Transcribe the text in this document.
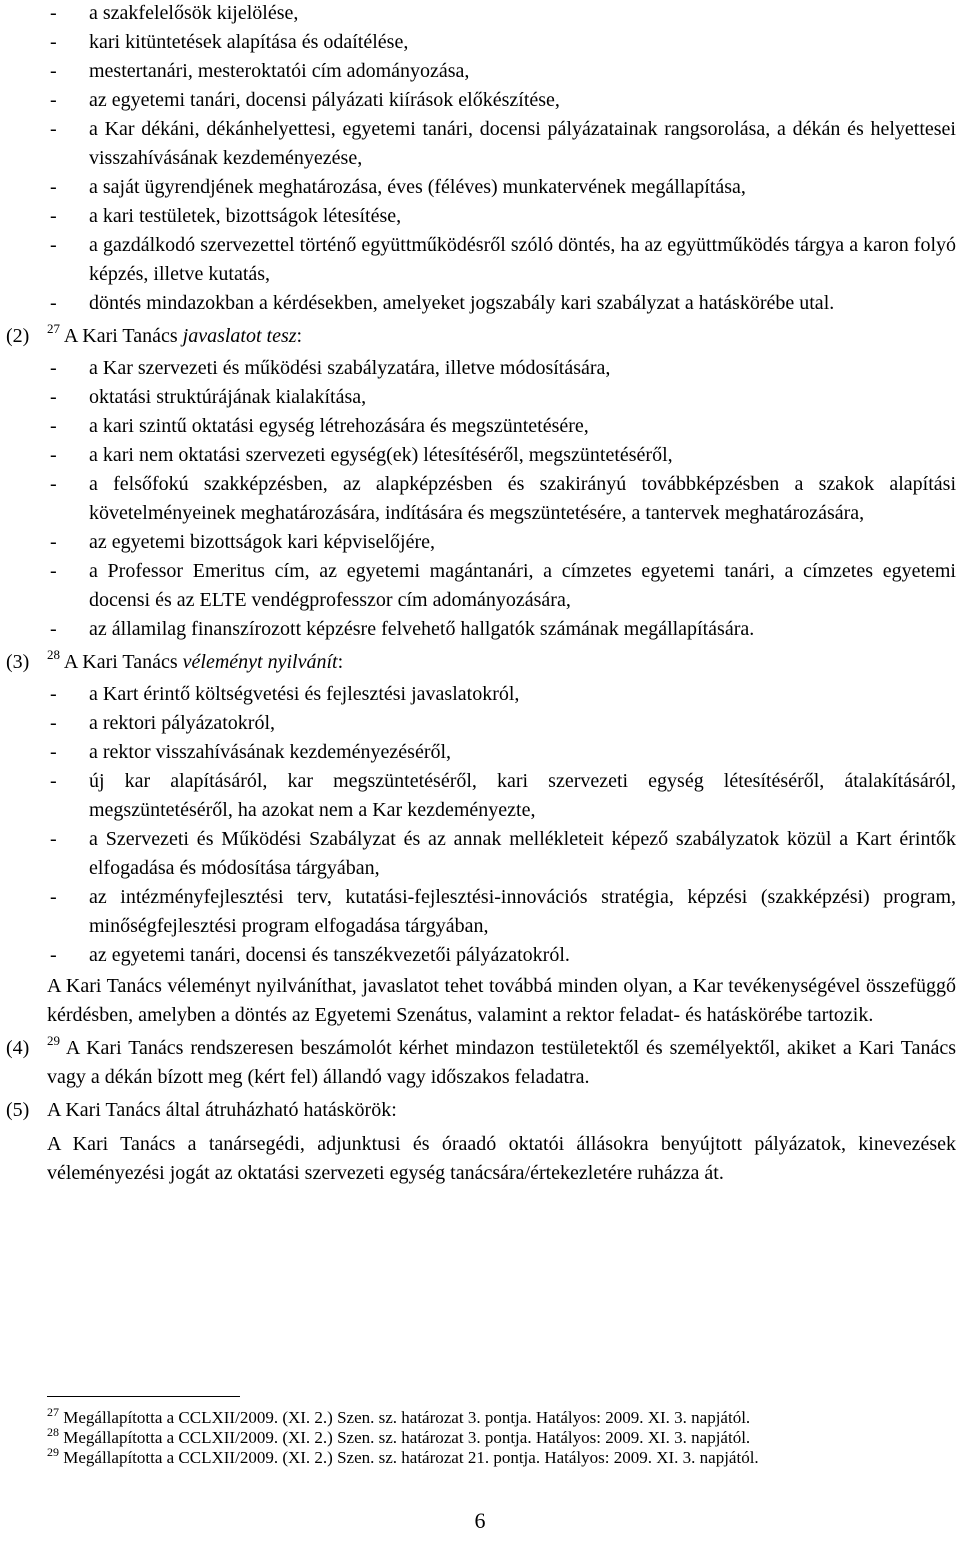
- a szakfelelősök kijelölése,
- kari kitüntetések alapítása és odaítélése,
- mestertanári, mesteroktatói cím adományozása,
- az egyetemi tanári, docensi pályázati kiírások előkészítése,
- a Kar dékáni, dékánhelyettesi, egyetemi tanári, docensi pályázatainak rangsorolása, a dékán és helyettesei visszahívásának kezdeményezése,
- a saját ügyrendjének meghatározása, éves (féléves) munkatervének megállapítása,
- a kari testületek, bizottságok létesítése,
- a gazdálkodó szervezettel történő együttműködésről szóló döntés, ha az együttműködés tárgya a karon folyó képzés, illetve kutatás,
- döntés mindazokban a kérdésekben, amelyeket jogszabály kari szabályzat a hatáskörébe utal.
(2)	$^{27}$ A Kari Tanács javaslatot tesz:
- a Kar szervezeti és működési szabályzatára, illetve módosítására,
- oktatási struktúrájának kialakítása,
- a kari szintű oktatási egység létrehozására és megszüntetésére,
- a kari nem oktatási szervezeti egység(ek) létesítéséről, megszüntetéséről,
- a felsőfokú szakképzésben, az alapképzésben és szakirányú továbbképzésben a szakok alapítási követelményeinek meghatározására, indítására és megszüntetésére, a tantervek meghatározására,
- az egyetemi bizottságok kari képviselőjére,
- a Professor Emeritus cím, az egyetemi magántanári, a címzetes egyetemi tanári, a címzetes egyetemi docensi és az ELTE vendégprofesszor cím adományozására,
- az államilag finanszírozott képzésre felvehető hallgatók számának megállapítására.
(3)	$^{28}$ A Kari Tanács véleményt nyilvánít:
- a Kart érintő költségvetési és fejlesztési javaslatokról,
- a rektori pályázatokról,
- a rektor visszahívásának kezdeményezéséről,
- új kar alapításáról, kar megszüntetéséről, kari szervezeti egység létesítéséről, átalakításáról, megszüntetéséről, ha azokat nem a Kar kezdeményezte,
- a Szervezeti és Működési Szabályzat és az annak mellékleteit képező szabályzatok közül a Kart érintők elfogadása és módosítása tárgyában,
- az intézményfejlesztési terv, kutatási-fejlesztési-innovációs stratégia, képzési (szakképzési) program, minőségfejlesztési program elfogadása tárgyában,
- az egyetemi tanári, docensi és tanszékvezetői pályázatokról.
A Kari Tanács véleményt nyilváníthat, javaslatot tehet továbbá minden olyan, a Kar tevékenységével összefüggő kérdésben, amelyben a döntés az Egyetemi Szenátus, valamint a rektor feladat- és hatáskörébe tartozik.
(4)	$^{29}$ A Kari Tanács rendszeresen beszámolót kérhet mindazon testületektől és személyektől, akiket a Kari Tanács vagy a dékán bízott meg (kért fel) állandó vagy időszakos feladatra.
(5) A Kari Tanács által átruházható hatáskörök:
A Kari Tanács a tanársegédi, adjunktusi és óraadó oktatói állásokra benyújtott pályázatok, kinevezések véleményezési jogát az oktatási szervezeti egység tanácsára/értekezletére ruházza át.
$^{27}$ Megállapította a CCLXII/2009. (XI. 2.) Szen. sz. határozat 3. pontja. Hatályos: 2009. XI. 3. napjától.
$^{28}$ Megállapította a CCLXII/2009. (XI. 2.) Szen. sz. határozat 3. pontja. Hatályos: 2009. XI. 3. napjától.
$^{29}$ Megállapította a CCLXII/2009. (XI. 2.) Szen. sz. határozat 21. pontja. Hatályos: 2009. XI. 3. napjától.
6
